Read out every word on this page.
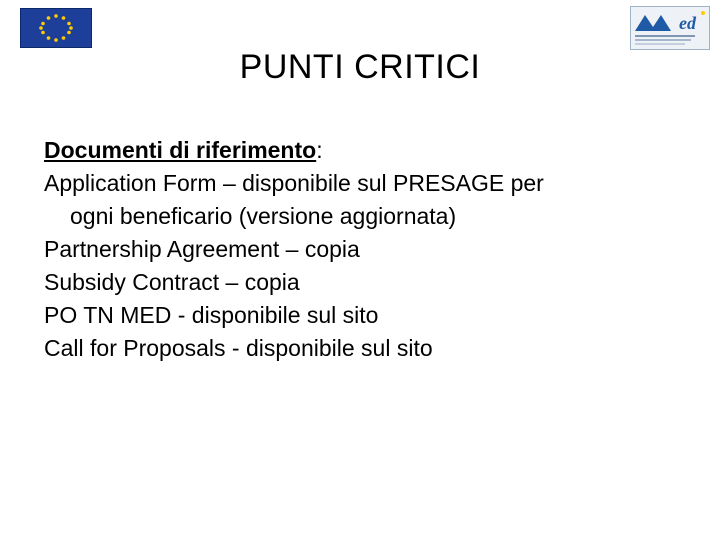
ed
PUNTI CRITICI
Documenti di riferimento:
Application Form – disponibile sul PRESAGE per
ogni beneficario (versione aggiornata)
Partnership Agreement – copia
Subsidy Contract – copia
PO TN MED - disponibile sul sito
Call for Proposals - disponibile sul sito
